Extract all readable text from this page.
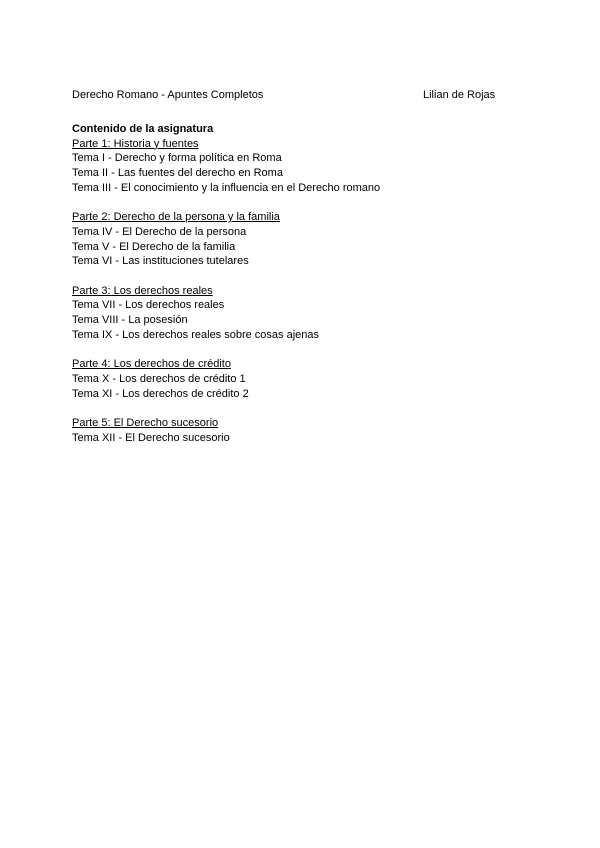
Derecho Romano - Apuntes Completos	Lilian de Rojas
Contenido de la asignatura
Parte 1: Historia y fuentes
Tema I - Derecho y forma política en Roma
Tema II - Las fuentes del derecho en Roma
Tema III - El conocimiento y la influencia en el Derecho romano
Parte 2: Derecho de la persona y la familia
Tema IV - El Derecho de la persona
Tema V - El Derecho de la familia
Tema VI - Las instituciones tutelares
Parte 3: Los derechos reales
Tema VII - Los derechos reales
Tema VIII - La posesión
Tema IX - Los derechos reales sobre cosas ajenas
Parte 4: Los derechos de crédito
Tema X - Los derechos de crédito 1
Tema XI - Los derechos de crédito 2
Parte 5: El Derecho sucesorio
Tema XII - El Derecho sucesorio
